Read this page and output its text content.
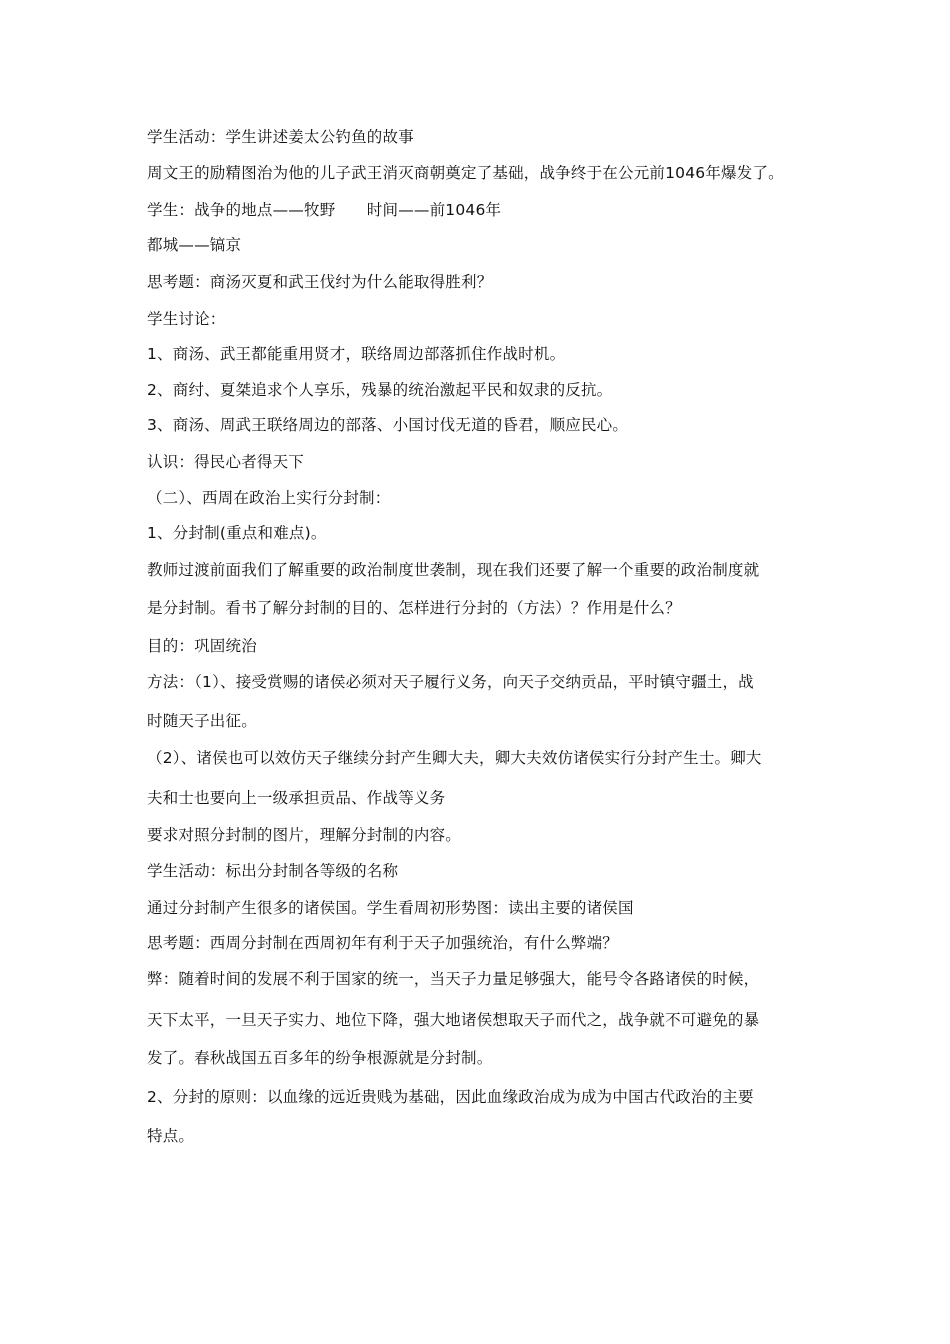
学生活动：学生讲述姜太公钓鱼的故事
周文王的励精图治为他的儿子武王消灭商朝奠定了基础，战争终于在公元前1046年爆发了。
学生：战争的地点——牧野　　时间——前1046年
都城——镐京
思考题：商汤灭夏和武王伐纣为什么能取得胜利？
学生讨论：
1、商汤、武王都能重用贤才，联络周边部落抓住作战时机。
2、商纣、夏桀追求个人享乐，残暴的统治激起平民和奴隶的反抗。
3、商汤、周武王联络周边的部落、小国讨伐无道的昏君，顺应民心。
认识：得民心者得天下
（二）、西周在政治上实行分封制：
1、分封制(重点和难点)。
教师过渡前面我们了解重要的政治制度世袭制，现在我们还要了解一个重要的政治制度就
是分封制。看书了解分封制的目的、怎样进行分封的（方法）？作用是什么？
目的：巩固统治
方法：（1）、接受赏赐的诸侯必须对天子履行义务，向天子交纳贡品，平时镇守疆土，战
时随天子出征。
（2）、诸侯也可以效仿天子继续分封产生卿大夫，卿大夫效仿诸侯实行分封产生士。卿大
夫和士也要向上一级承担贡品、作战等义务
要求对照分封制的图片，理解分封制的内容。
学生活动：标出分封制各等级的名称
通过分封制产生很多的诸侯国。学生看周初形势图：读出主要的诸侯国
思考题：西周分封制在西周初年有利于天子加强统治，有什么弊端？
弊：随着时间的发展不利于国家的统一，当天子力量足够强大，能号令各路诸侯的时候，
天下太平，一旦天子实力、地位下降，强大地诸侯想取天子而代之，战争就不可避免的暴
发了。春秋战国五百多年的纷争根源就是分封制。
2、分封的原则：以血缘的远近贵贱为基础，因此血缘政治成为成为中国古代政治的主要
特点。
